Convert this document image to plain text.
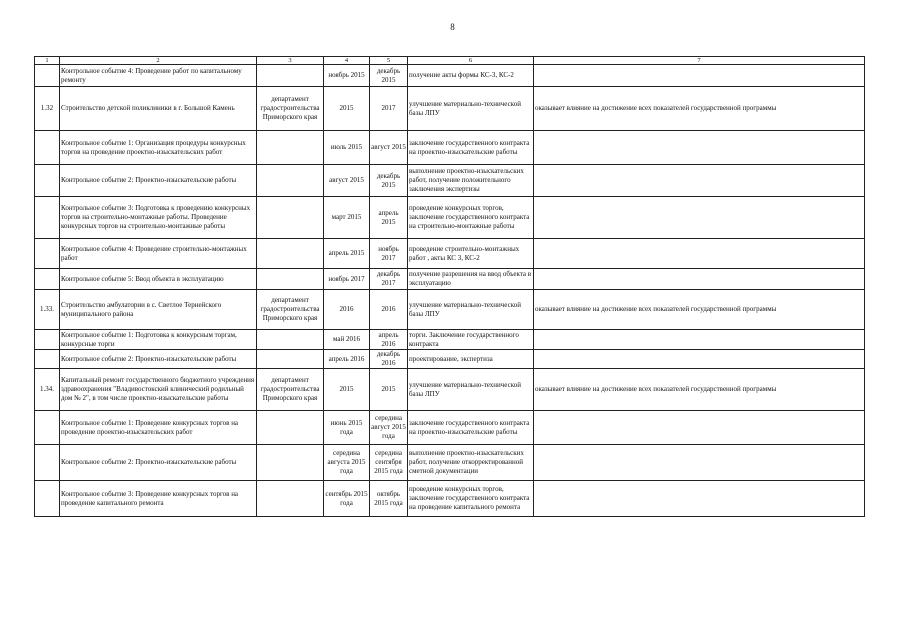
8
1	2	3	4	5	6	7
	Контрольное событие 4: Проведение работ по капитальному ремонту		ноябрь 2015	декабрь 2015	получение акты формы КС-3, КС-2	
1.32	Строительство детской поликлиники в г. Большой Камень	департамент градостроительства Приморского края	2015	2017	улучшение материально-технической базы ЛПУ	оказывает влияние на достижение всех показателей государственной программы
	Контрольное событие 1: Организация процедуры конкурсных торгов на проведение проектно-изыскательских работ		июль 2015	август 2015	заключение государственного контракта на проектно-изыскательские работы	
	Контрольное событие 2: Проектно-изыскательские работы		август 2015	декабрь 2015	выполнение проектно-изыскательских работ, получение положительного заключения экспертизы	
	Контрольное событие 3: Подготовка к проведению конкурсных торгов на строительно-монтажные работы. Проведение конкурсных торгов на строительно-монтажные работы		март 2015	апрель 2015	проведение конкурсных торгов, заключение государственного контракта на строительно-монтажные работы	
	Контрольное событие 4: Проведение строительно-монтажных работ		апрель 2015	ноябрь 2017	проведение строительно-монтажных работ , акты КС 3, КС-2	
	Контрольное событие 5: Ввод объекта в эксплуатацию		ноябрь 2017	декабрь 2017	получение разрешения на ввод объекта в эксплуатацию	
1.33.	Строительство амбулатории в с. Светлое Тернейского муниципального района	департамент градостроительства Приморского края	2016	2016	улучшение материально-технической базы ЛПУ	оказывает влияние на достижение всех показателей государственной программы
	Контрольное событие 1: Подготовка к конкурсным торгам, конкурсные торги		май 2016	апрель 2016	торги. Заключение государственного контракта	
	Контрольное событие 2: Проектно-изыскательские работы		апрель 2016	декабрь 2016	проектирование, экспертиза	
1.34.	Капитальный ремонт государственного бюджетного учреждения здравоохранения "Владивостокский клинический родильный дом № 2", в том числе проектно-изыскательские работы	департамент градостроительства Приморского края	2015	2015	улучшение материально-технической базы ЛПУ	оказывает влияние на достижение всех показателей государственной программы
	Контрольное событие 1: Проведение конкурсных торгов на проведение проектно-изыскательских работ		июнь 2015 года	середина август 2015 года	заключение государственного контракта на проектно-изыскательские работы	
	Контрольное событие 2: Проектно-изыскательские работы		середина августа 2015 года	середина сентября 2015 года	выполнение проектно-изыскательских работ, получение откорректированной сметной документации	
	Контрольное событие 3: Проведение конкурсных торгов на проведение капитального ремонта		сентябрь 2015 года	октябрь 2015 года	проведение конкурсных торгов, заключение государственного контракта на проведение капитального ремонта	
